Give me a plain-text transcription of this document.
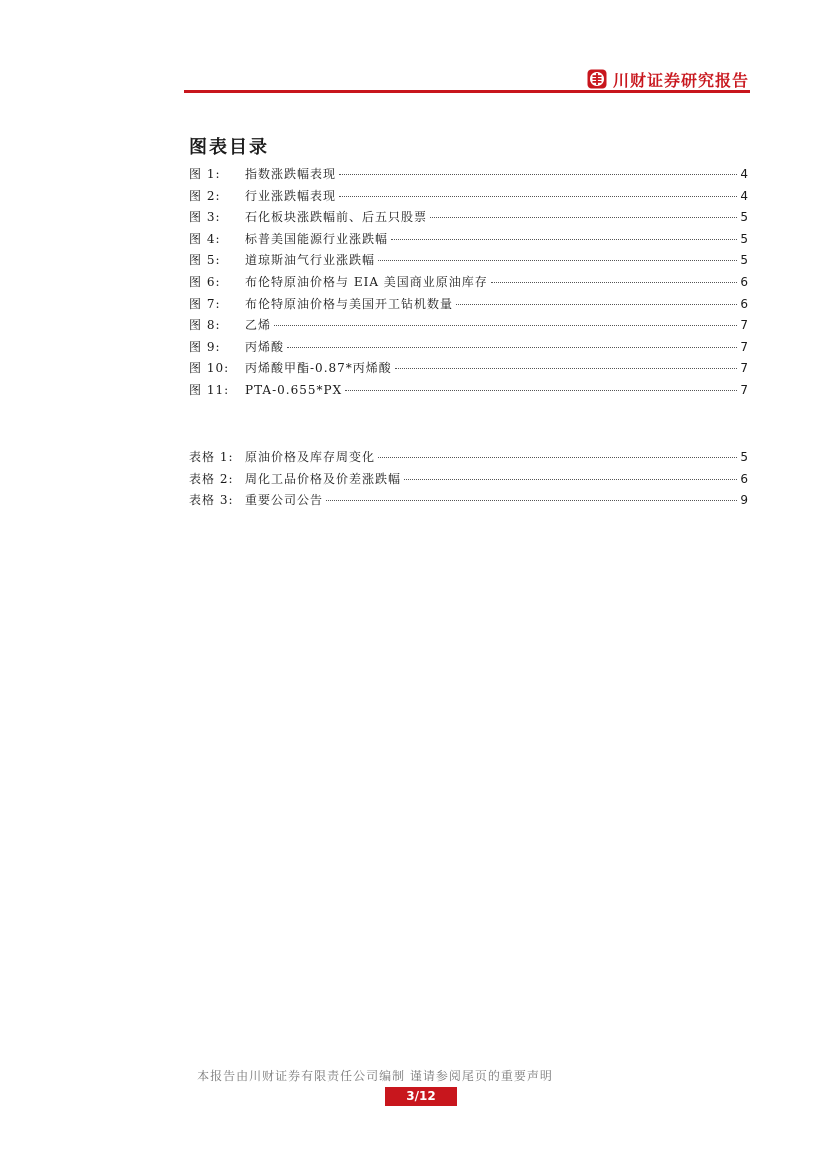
川财证券研究报告
图表目录
图 1:	指数涨跌幅表现	4
图 2:	行业涨跌幅表现	4
图 3:	石化板块涨跌幅前、后五只股票	5
图 4:	标普美国能源行业涨跌幅	5
图 5:	道琼斯油气行业涨跌幅	5
图 6:	布伦特原油价格与 EIA 美国商业原油库存	6
图 7:	布伦特原油价格与美国开工钻机数量	6
图 8:	乙烯	7
图 9:	丙烯酸	7
图 10:	丙烯酸甲酯-0.87*丙烯酸	7
图 11:	PTA-0.655*PX	7
表格 1: 原油价格及库存周变化	5
表格 2: 周化工品价格及价差涨跌幅	6
表格 3: 重要公司公告	9
本报告由川财证券有限责任公司编制 谨请参阅尾页的重要声明
3/12
